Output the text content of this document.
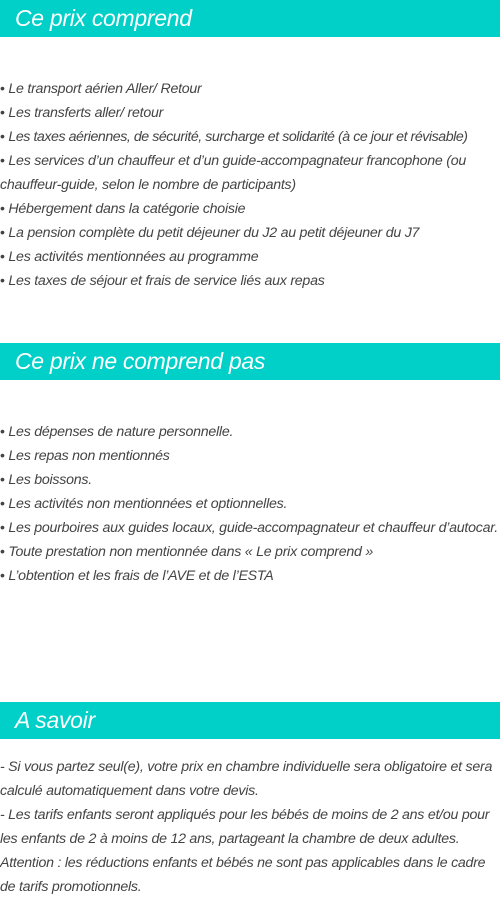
Ce prix comprend
• Le transport aérien Aller/ Retour
• Les transferts aller/ retour
• Les taxes aériennes, de sécurité, surcharge et solidarité (à ce jour et révisable)
• Les services d’un chauffeur et d’un guide-accompagnateur francophone (ou chauffeur-guide, selon le nombre de participants)
• Hébergement dans la catégorie choisie
• La pension complète du petit déjeuner du J2 au petit déjeuner du J7
• Les activités mentionnées au programme
• Les taxes de séjour et frais de service liés aux repas
Ce prix ne comprend pas
• Les dépenses de nature personnelle.
• Les repas non mentionnés
• Les boissons.
• Les activités non mentionnées et optionnelles.
• Les pourboires aux guides locaux, guide-accompagnateur et chauffeur d’autocar.
• Toute prestation non mentionnée dans « Le prix comprend »
• L’obtention et les frais de l’AVE et de l’ESTA
A savoir

- Si vous partez seul(e), votre prix en chambre individuelle sera obligatoire et sera calculé automatiquement dans votre devis.

- Les tarifs enfants seront appliqués pour les bébés de moins de 2 ans et/ou pour les enfants de 2 à moins de 12 ans, partageant la chambre de deux adultes.

Attention : les réductions enfants et bébés ne sont pas applicables dans le cadre de tarifs promotionnels.
